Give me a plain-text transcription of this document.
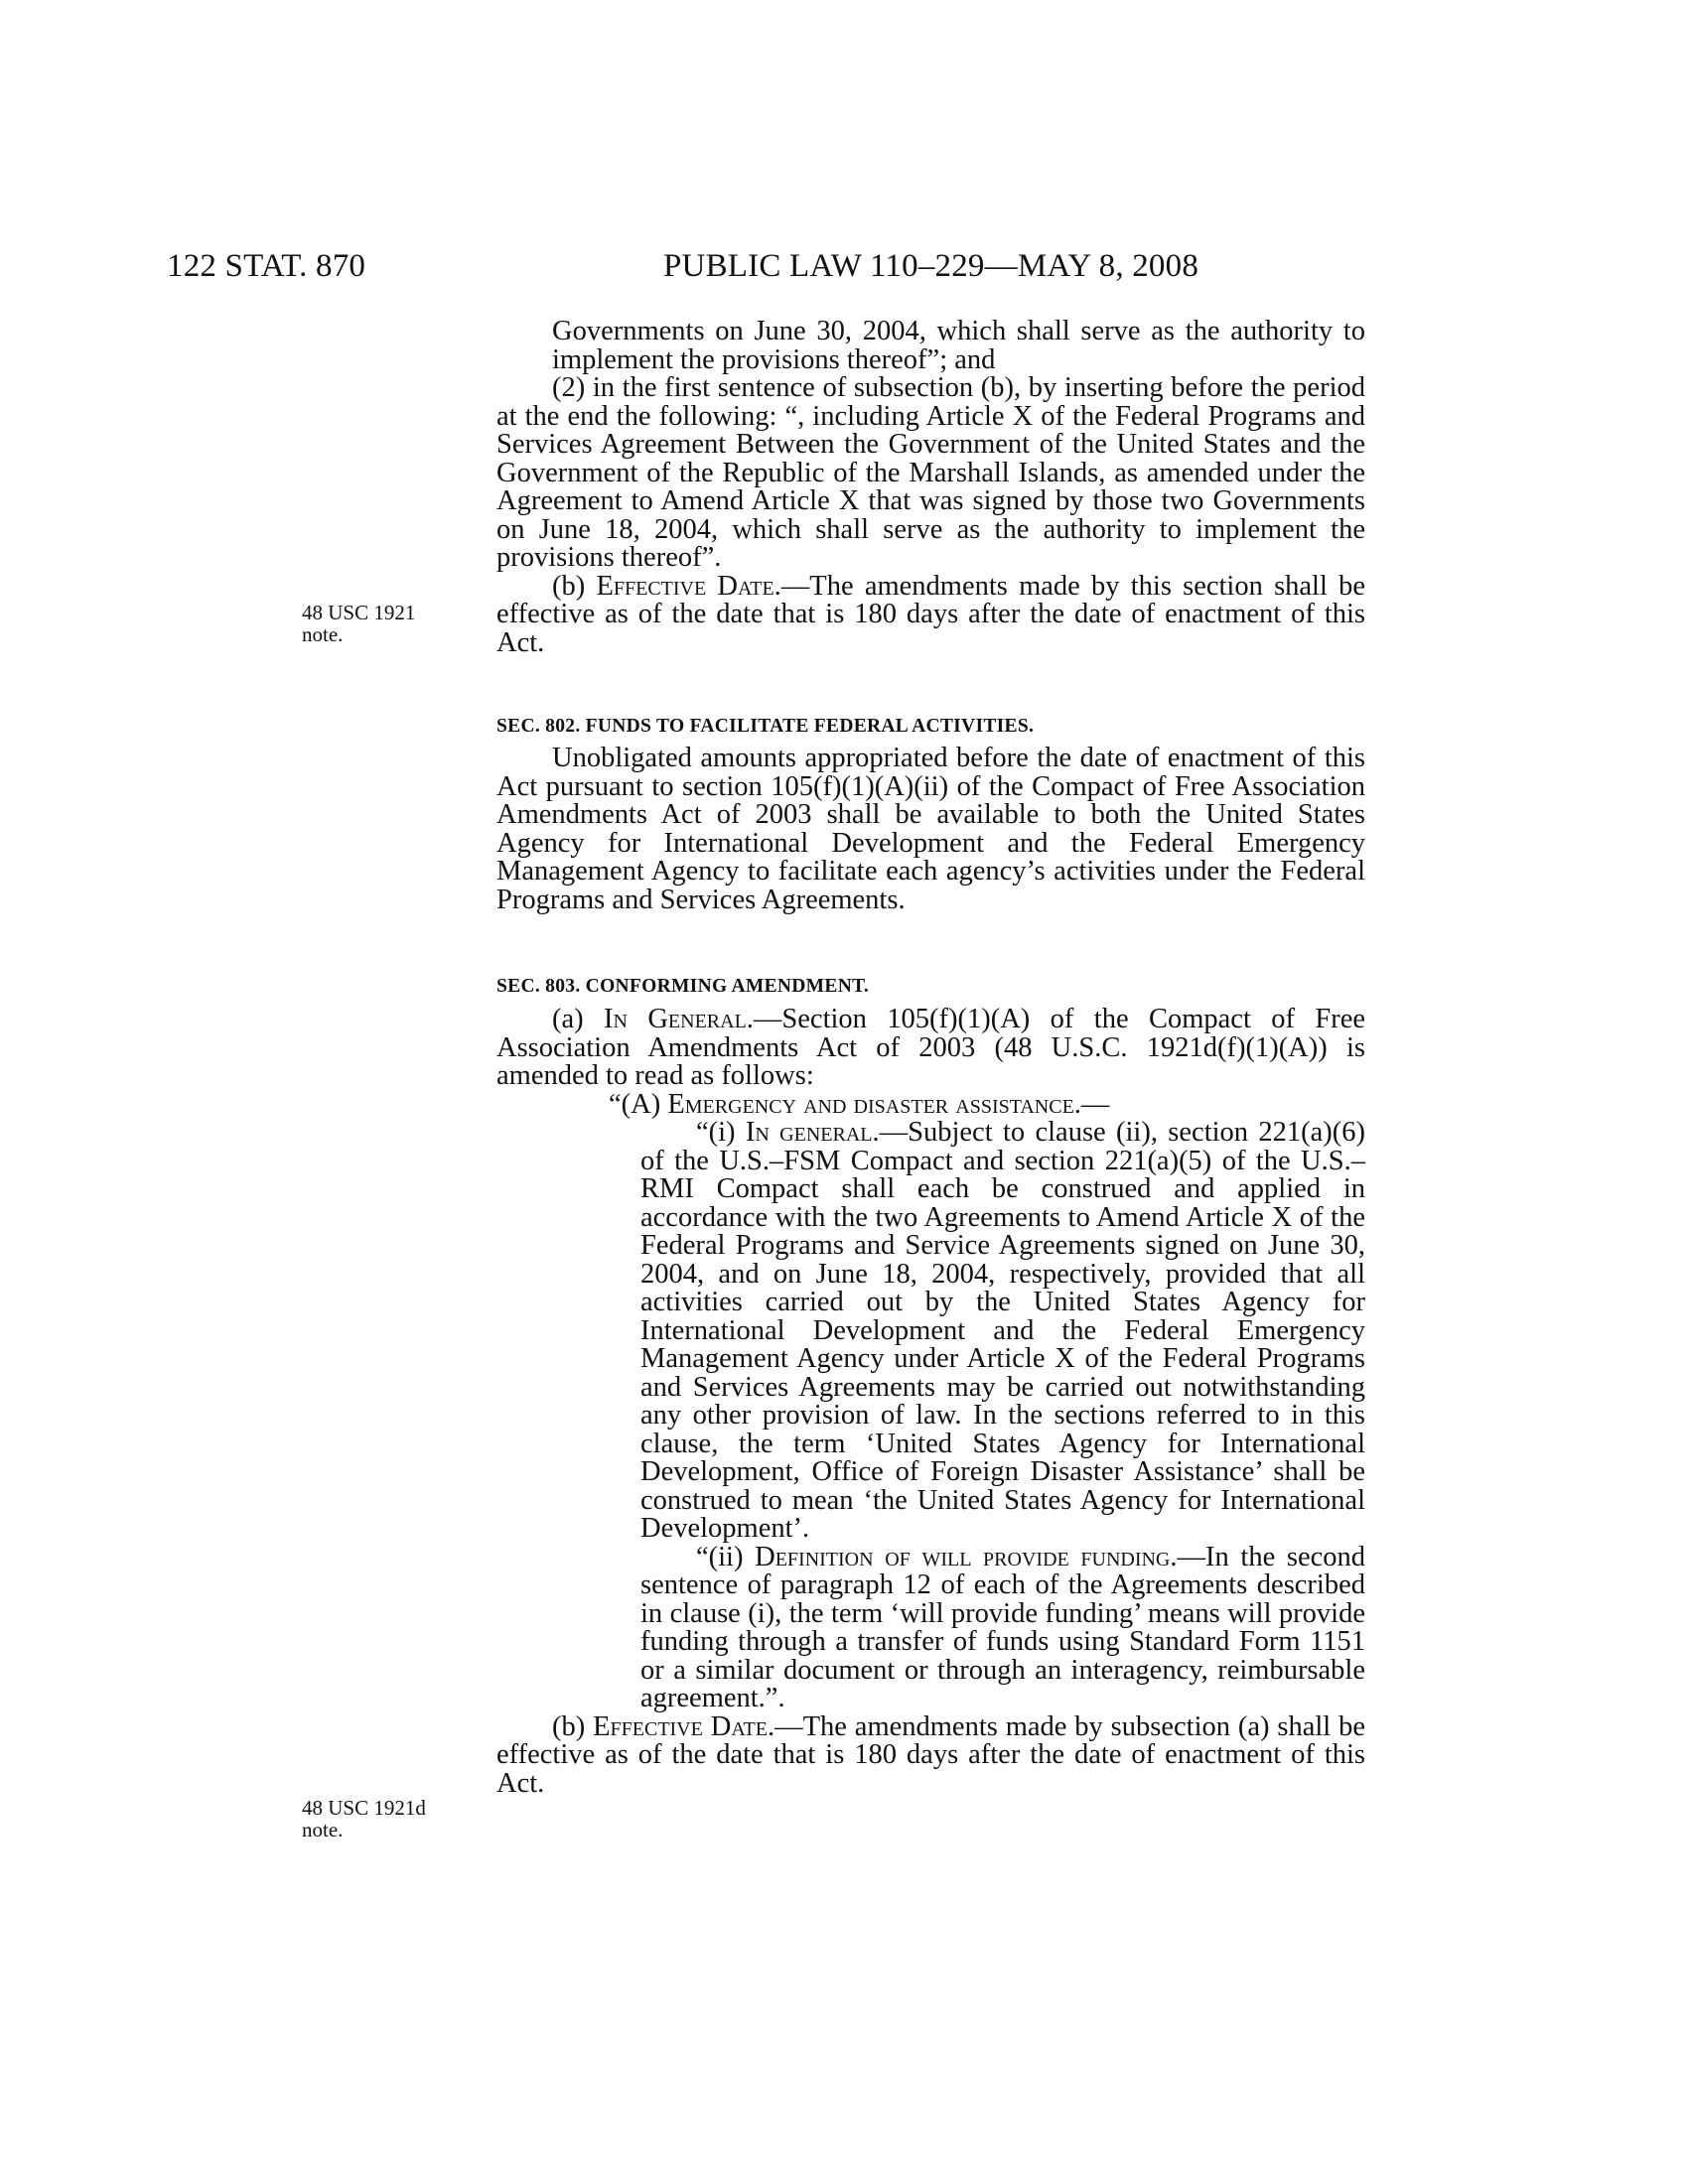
122 STAT. 870	PUBLIC LAW 110–229—MAY 8, 2008
48 USC 1921
note.
48 USC 1921d
note.

Governments on June 30, 2004, which shall serve as the authority to implement the provisions thereof”; and

(2) in the first sentence of subsection (b), by inserting before the period at the end the following: “, including Article X of the Federal Programs and Services Agreement Between the Government of the United States and the Government of the Republic of the Marshall Islands, as amended under the Agreement to Amend Article X that was signed by those two Governments on June 18, 2004, which shall serve as the authority to implement the provisions thereof”.

(b) Effective Date.—The amendments made by this section shall be effective as of the date that is 180 days after the date of enactment of this Act.

SEC. 802. FUNDS TO FACILITATE FEDERAL ACTIVITIES.

Unobligated amounts appropriated before the date of enactment of this Act pursuant to section 105(f)(1)(A)(ii) of the Compact of Free Association Amendments Act of 2003 shall be available to both the United States Agency for International Development and the Federal Emergency Management Agency to facilitate each agency’s activities under the Federal Programs and Services Agreements.

SEC. 803. CONFORMING AMENDMENT.

(a) In General.—Section 105(f)(1)(A) of the Compact of Free Association Amendments Act of 2003 (48 U.S.C. 1921d(f)(1)(A)) is amended to read as follows:

“(A) Emergency and disaster assistance.—

“(i) In general.—Subject to clause (ii), section 221(a)(6) of the U.S.–FSM Compact and section 221(a)(5) of the U.S.–RMI Compact shall each be construed and applied in accordance with the two Agreements to Amend Article X of the Federal Programs and Service Agreements signed on June 30, 2004, and on June 18, 2004, respectively, provided that all activities carried out by the United States Agency for International Development and the Federal Emergency Management Agency under Article X of the Federal Programs and Services Agreements may be carried out notwithstanding any other provision of law. In the sections referred to in this clause, the term ‘United States Agency for International Development, Office of Foreign Disaster Assistance’ shall be construed to mean ‘the United States Agency for International Development’.

“(ii) Definition of will provide funding.—In the second sentence of paragraph 12 of each of the Agreements described in clause (i), the term ‘will provide funding’ means will provide funding through a transfer of funds using Standard Form 1151 or a similar document or through an interagency, reimbursable agreement.”.

(b) Effective Date.—The amendments made by subsection (a) shall be effective as of the date that is 180 days after the date of enactment of this Act.
